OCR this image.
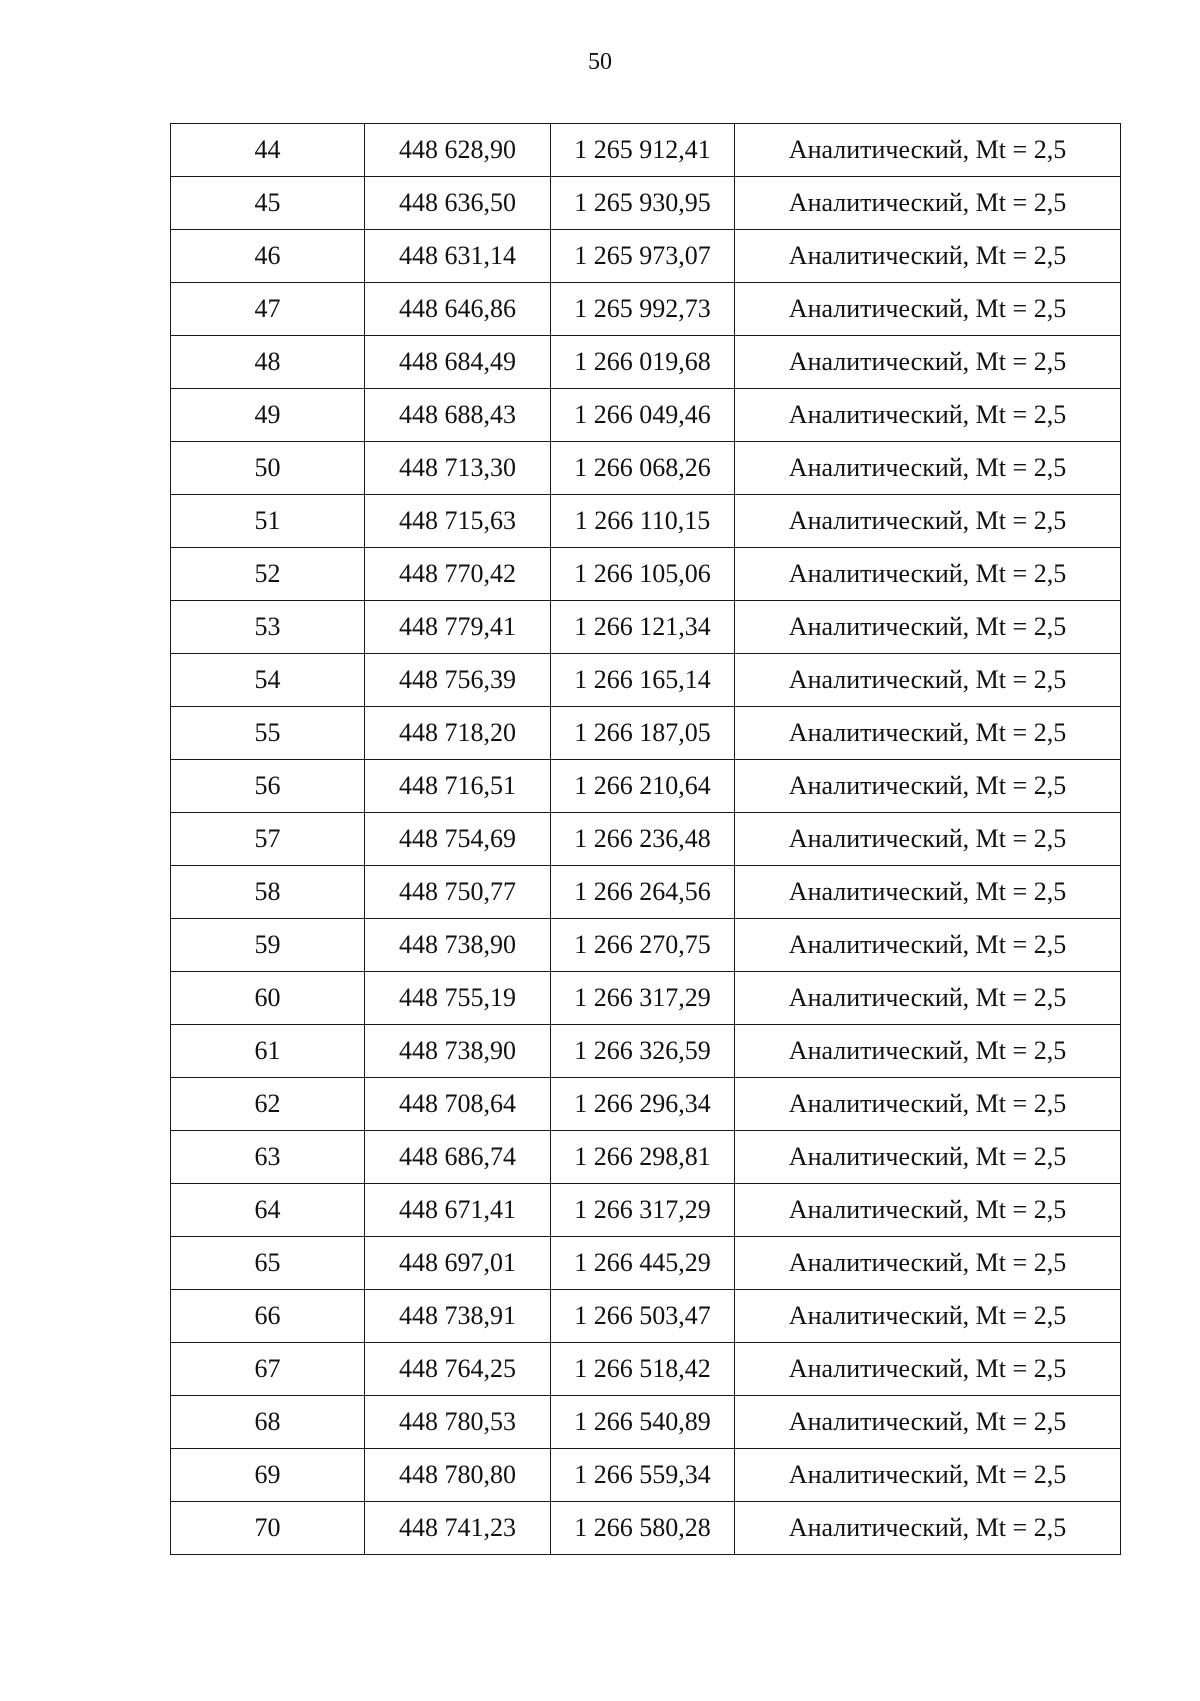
50
44	448 628,90	1 265 912,41	Аналитический, Mt = 2,5
45	448 636,50	1 265 930,95	Аналитический, Mt = 2,5
46	448 631,14	1 265 973,07	Аналитический, Mt = 2,5
47	448 646,86	1 265 992,73	Аналитический, Mt = 2,5
48	448 684,49	1 266 019,68	Аналитический, Mt = 2,5
49	448 688,43	1 266 049,46	Аналитический, Mt = 2,5
50	448 713,30	1 266 068,26	Аналитический, Mt = 2,5
51	448 715,63	1 266 110,15	Аналитический, Mt = 2,5
52	448 770,42	1 266 105,06	Аналитический, Mt = 2,5
53	448 779,41	1 266 121,34	Аналитический, Mt = 2,5
54	448 756,39	1 266 165,14	Аналитический, Mt = 2,5
55	448 718,20	1 266 187,05	Аналитический, Mt = 2,5
56	448 716,51	1 266 210,64	Аналитический, Mt = 2,5
57	448 754,69	1 266 236,48	Аналитический, Mt = 2,5
58	448 750,77	1 266 264,56	Аналитический, Mt = 2,5
59	448 738,90	1 266 270,75	Аналитический, Mt = 2,5
60	448 755,19	1 266 317,29	Аналитический, Mt = 2,5
61	448 738,90	1 266 326,59	Аналитический, Mt = 2,5
62	448 708,64	1 266 296,34	Аналитический, Mt = 2,5
63	448 686,74	1 266 298,81	Аналитический, Mt = 2,5
64	448 671,41	1 266 317,29	Аналитический, Mt = 2,5
65	448 697,01	1 266 445,29	Аналитический, Mt = 2,5
66	448 738,91	1 266 503,47	Аналитический, Mt = 2,5
67	448 764,25	1 266 518,42	Аналитический, Mt = 2,5
68	448 780,53	1 266 540,89	Аналитический, Mt = 2,5
69	448 780,80	1 266 559,34	Аналитический, Mt = 2,5
70	448 741,23	1 266 580,28	Аналитический, Mt = 2,5
